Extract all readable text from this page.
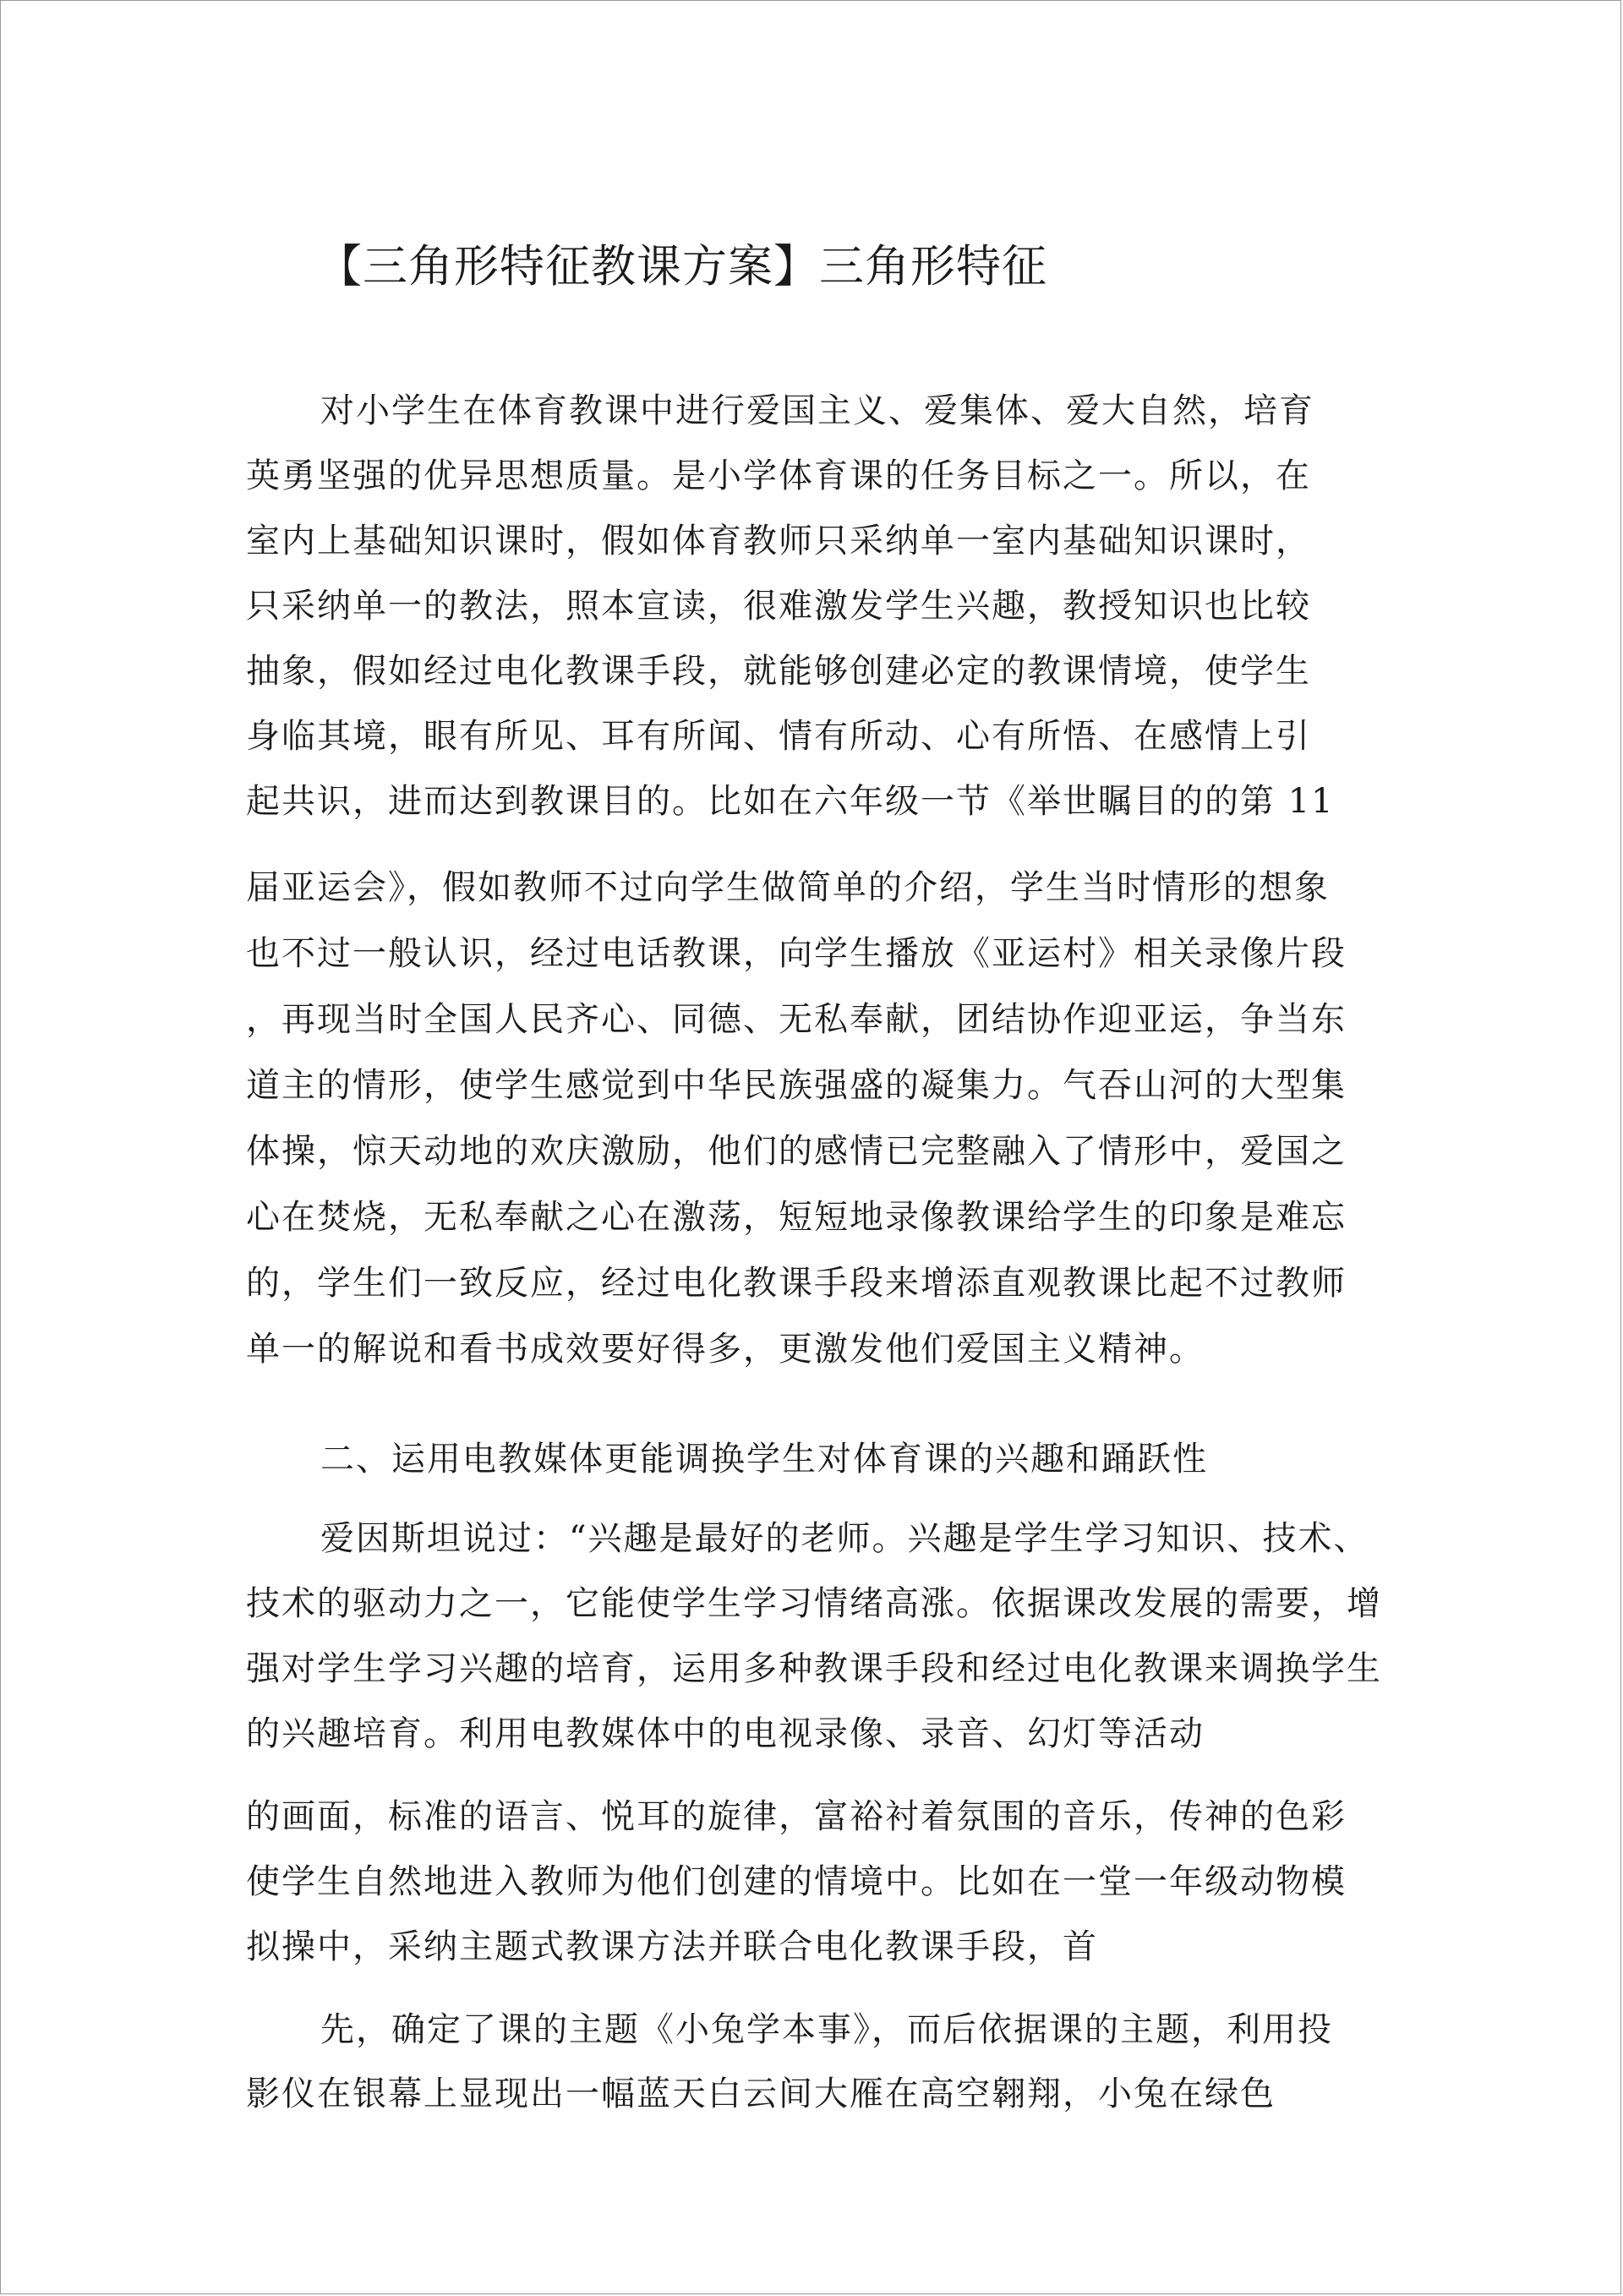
【三角形特征教课方案】三角形特征
对小学生在体育教课中进行爱国主义、爱集体、爱大自然，培育
英勇坚强的优异思想质量。是小学体育课的任务目标之一。所以，在
室内上基础知识课时，假如体育教师只采纳单一室内基础知识课时，
只采纳单一的教法，照本宣读，很难激发学生兴趣，教授知识也比较
抽象，假如经过电化教课手段，就能够创建必定的教课情境，使学生
身临其境，眼有所见、耳有所闻、情有所动、心有所悟、在感情上引
起共识，进而达到教课目的。比如在六年级一节《举世瞩目的的第 11
届亚运会》，假如教师不过向学生做简单的介绍，学生当时情形的想象
也不过一般认识，经过电话教课，向学生播放《亚运村》相关录像片段
，再现当时全国人民齐心、同德、无私奉献，团结协作迎亚运，争当东
道主的情形，使学生感觉到中华民族强盛的凝集力。气吞山河的大型集
体操，惊天动地的欢庆激励，他们的感情已完整融入了情形中，爱国之
心在焚烧，无私奉献之心在激荡，短短地录像教课给学生的印象是难忘
的，学生们一致反应，经过电化教课手段来增添直观教课比起不过教师
单一的解说和看书成效要好得多，更激发他们爱国主义精神。
二、运用电教媒体更能调换学生对体育课的兴趣和踊跃性
爱因斯坦说过：“兴趣是最好的老师。兴趣是学生学习知识、技术、
技术的驱动力之一，它能使学生学习情绪高涨。依据课改发展的需要，增
强对学生学习兴趣的培育，运用多种教课手段和经过电化教课来调换学生
的兴趣培育。利用电教媒体中的电视录像、录音、幻灯等活动
的画面，标准的语言、悦耳的旋律，富裕衬着氛围的音乐，传神的色彩
使学生自然地进入教师为他们创建的情境中。比如在一堂一年级动物模
拟操中，采纳主题式教课方法并联合电化教课手段，首
先，确定了课的主题《小兔学本事》，而后依据课的主题，利用投
影仪在银幕上显现出一幅蓝天白云间大雁在高空翱翔，小兔在绿色
